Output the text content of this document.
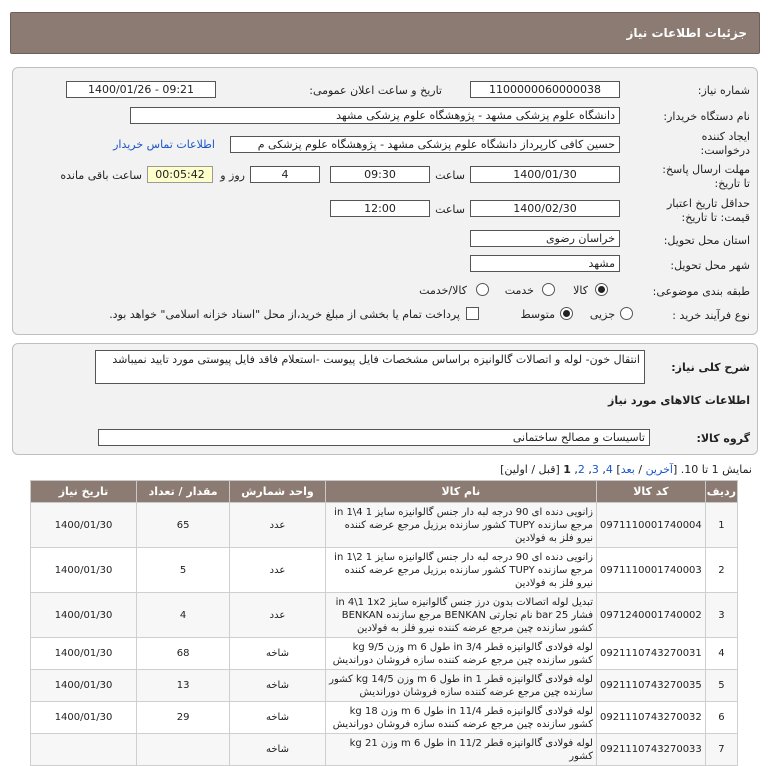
جزئیات اطلاعات نیاز
شماره نیاز:
1100000060000038
تاریخ و ساعت اعلان عمومی:
1400/01/26 - 09:21
نام دستگاه خریدار:
دانشگاه علوم پزشکی مشهد - پژوهشگاه علوم پزشکی مشهد
ایجاد کننده
درخواست:
حسین کافی کارپرداز دانشگاه علوم پزشکی مشهد - پژوهشگاه علوم پزشکی م
اطلاعات تماس خریدار
مهلت ارسال پاسخ:
تا تاریخ:
1400/01/30
ساعت
09:30
4
روز و
00:05:42
ساعت باقی مانده
حداقل تاریخ اعتبار
قیمت: تا تاریخ:
1400/02/30
ساعت
12:00
استان محل تحویل:
خراسان رضوی
شهر محل تحویل:
مشهد
طبقه بندی موضوعی:
کالا
خدمت
کالا/خدمت
نوع فرآیند خرید :
جزیی
متوسط
پرداخت تمام یا بخشی از مبلغ خرید،از محل "اسناد خزانه اسلامی" خواهد بود.
شرح کلی نیاز:
انتقال خون- لوله و اتصالات گالوانیزه براساس مشخصات فایل پیوست -استعلام فاقد فایل پیوستی مورد تایید نمیباشد
اطلاعات کالاهای مورد نیاز
گروه کالا:
تاسیسات و مصالح ساختمانی
نمایش 1 تا 10. [آخرین / بعد] 4, 3, 2, 1 [قبل / اولین]
ردیف	کد کالا	نام کالا	واحد شمارش	مقدار / تعداد	تاریخ نیاز
1	0971110001740004	زانویی دنده ای 90 درجه لبه دار جنس گالوانیزه سایز in 1\4 1 مرجع سازنده TUPY کشور سازنده برزیل مرجع عرضه کننده نیرو فلز به فولادین	عدد	65	1400/01/30
2	0971110001740003	زانویی دنده ای 90 درجه لبه دار جنس گالوانیزه سایز in 1\2 1 مرجع سازنده TUPY کشور سازنده برزیل مرجع عرضه کننده نیرو فلز به فولادین	عدد	5	1400/01/30
3	0971240001740002	تبدیل لوله اتصالات بدون درز جنس گالوانیزه سایز in 4\1 1x2 فشار bar 25 نام تجارتی BENKAN مرجع سازنده BENKAN کشور سازنده چین مرجع عرضه کننده نیرو فلز به فولادین	عدد	4	1400/01/30
4	0921110743270031	لوله فولادی گالوانیزه قطر in 3/4 طول m 6 وزن kg 9/5 کشور سازنده چین مرجع عرضه کننده سازه فروشان دورانديش	شاخه	68	1400/01/30
5	0921110743270035	لوله فولادی گالوانیزه قطر in 1 طول m 6 وزن kg 14/5 کشور سازنده چین مرجع عرضه کننده سازه فروشان دورانديش	شاخه	13	1400/01/30
6	0921110743270032	لوله فولادی گالوانیزه قطر in 11/4 طول m 6 وزن kg 18 کشور سازنده چین مرجع عرضه کننده سازه فروشان دورانديش	شاخه	29	1400/01/30
7	0921110743270033	لوله فولادی گالوانیزه قطر in 11/2 طول m 6 وزن kg 21 کشور	شاخه		
